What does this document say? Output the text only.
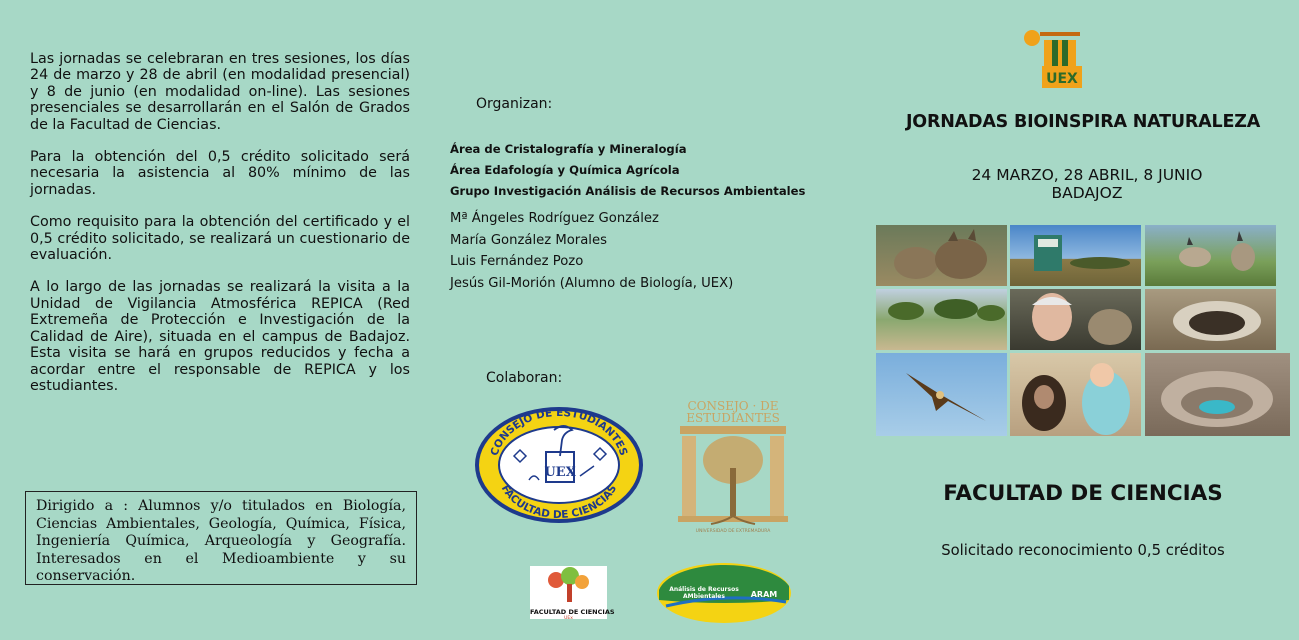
Las jornadas se celebraran en tres sesiones, los días 24 de marzo y 28 de abril (en modalidad presencial) y 8 de junio (en modalidad on-line). Las sesiones presenciales se desarrollarán en el Salón de Grados de la Facultad de Ciencias.

Para la obtención del 0,5 crédito solicitado será necesaria la asistencia al 80% mínimo de las jornadas.

Como requisito para la obtención del certificado y el 0,5 crédito solicitado, se realizará un cuestionario de evaluación.

A lo largo de las jornadas se realizará la visita a la Unidad de Vigilancia Atmosférica REPICA (Red Extremeña de Protección e Investigación de la Calidad de Aire), situada en el campus de Badajoz. Esta visita se hará en grupos reducidos y fecha a acordar entre el responsable de REPICA y los estudiantes.

Dirigido a : Alumnos y/o titulados en Biología, Ciencias Ambientales, Geología, Química, Física, Ingeniería Química, Arqueología y Geografía. Interesados en el Medioambiente y su conservación.
Organizan:
Área de Cristalografía y Mineralogía
Área Edafología y Química Agrícola
Grupo Investigación Análisis de Recursos Ambientales
Mª Ángeles Rodríguez González
María González Morales
Luis Fernández Pozo
Jesús Gil-Morión (Alumno de Biología, UEX)
Colaboran:
CONSEJO DE ESTUDIANTES
FACULTAD DE CIENCIAS
UEX
CONSEJO · DE
ESTUDIANTES
UNIVERSIDAD DE EXTREMADURA
FACULTAD DE CIENCIAS
UEx
Análisis de Recursos
AMbientales	ARAM
UEX
JORNADAS BIOINSPIRA NATURALEZA
24 MARZO, 28 ABRIL, 8 JUNIO
BADAJOZ
FACULTAD DE CIENCIAS
Solicitado reconocimiento 0,5 créditos
